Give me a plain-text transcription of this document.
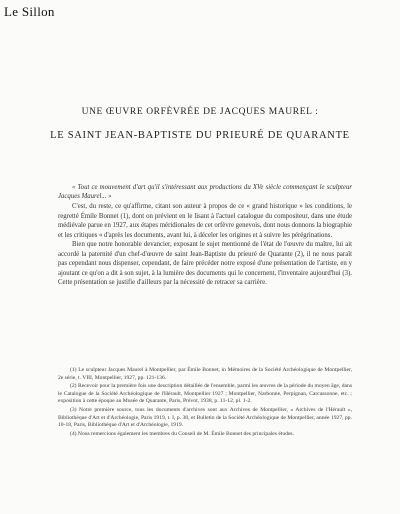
Le Sillon
UNE ŒUVRE ORFÈVRÉE DE JACQUES MAUREL :
LE SAINT JEAN-BAPTISTE DU PRIEURÉ DE QUARANTE

« Tout ce mouvement d'art qu'il s'intéressant aux productions du XVe siècle commençant le sculpteur Jacques Maurel... »

C'est, du reste, ce qu'affirme, citant son auteur à propos de ce « grand historique » les conditions, le regretté Émile Bonnet (1), dont on prévient en le lisant à l'actuel catalogue du compositeur, dans une étude médiévale parue en 1927, aux étapes méridionales de cet orfèvre genevois, dont nous donnons la biographie et les critiques « d'après les documents, avant lui, à déceler les origines et à suivre les pérégrinations.

Bien que notre honorable devancier, exposant le sujet mentionné de l'état de l'œuvre du maître, lui ait accordé la paternité d'un chef-d'œuvre de saint Jean-Baptiste du prieuré de Quarante (2), il ne nous paraît pas cependant nous dispenser, cependant, de faire précéder notre exposé d'une présentation de l'artiste, en y ajoutant ce qu'on a dit à son sujet, à la lumière des documents qui le concernent, l'inventaire aujourd'hui (3). Cette présentation se justifie d'ailleurs par la nécessité de retracer sa carrière.

(1) Le sculpteur Jacques Maurel à Montpellier, par Émile Bonnet, in Mémoires de la Société Archéologique de Montpellier, 2e série, t. VIII, Montpellier, 1927, pp. 121-136.

(2) Recevoir pour la première fois une description détaillée de l'ensemble, parmi les œuvres de la période du moyen âge, dans le Catalogue de la Société Archéologique de l'Hérault, Montpellier 1927 ; Montpellier, Narbonne, Perpignan, Carcassonne, etc. ; exposition à cette époque au Musée de Quarante, Paris, Prévot, 1938, p. 11-12, pl. 1-2.

(3) Notre première source, tous les documents d'archives sont aux Archives de Montpellier, « Archives de l'Hérault », Bibliothèque d'Art et d'Archéologie, Paris 1919, t. I, p. 38, et Bulletin de la Société Archéologique de Montpellier, année 1927, pp. 10-18, Paris, Bibliothèque d'Art et d'Archéologie, 1919.

(4) Nous remercions également les membres du Conseil de M. Émile Bonnet des principales études.
